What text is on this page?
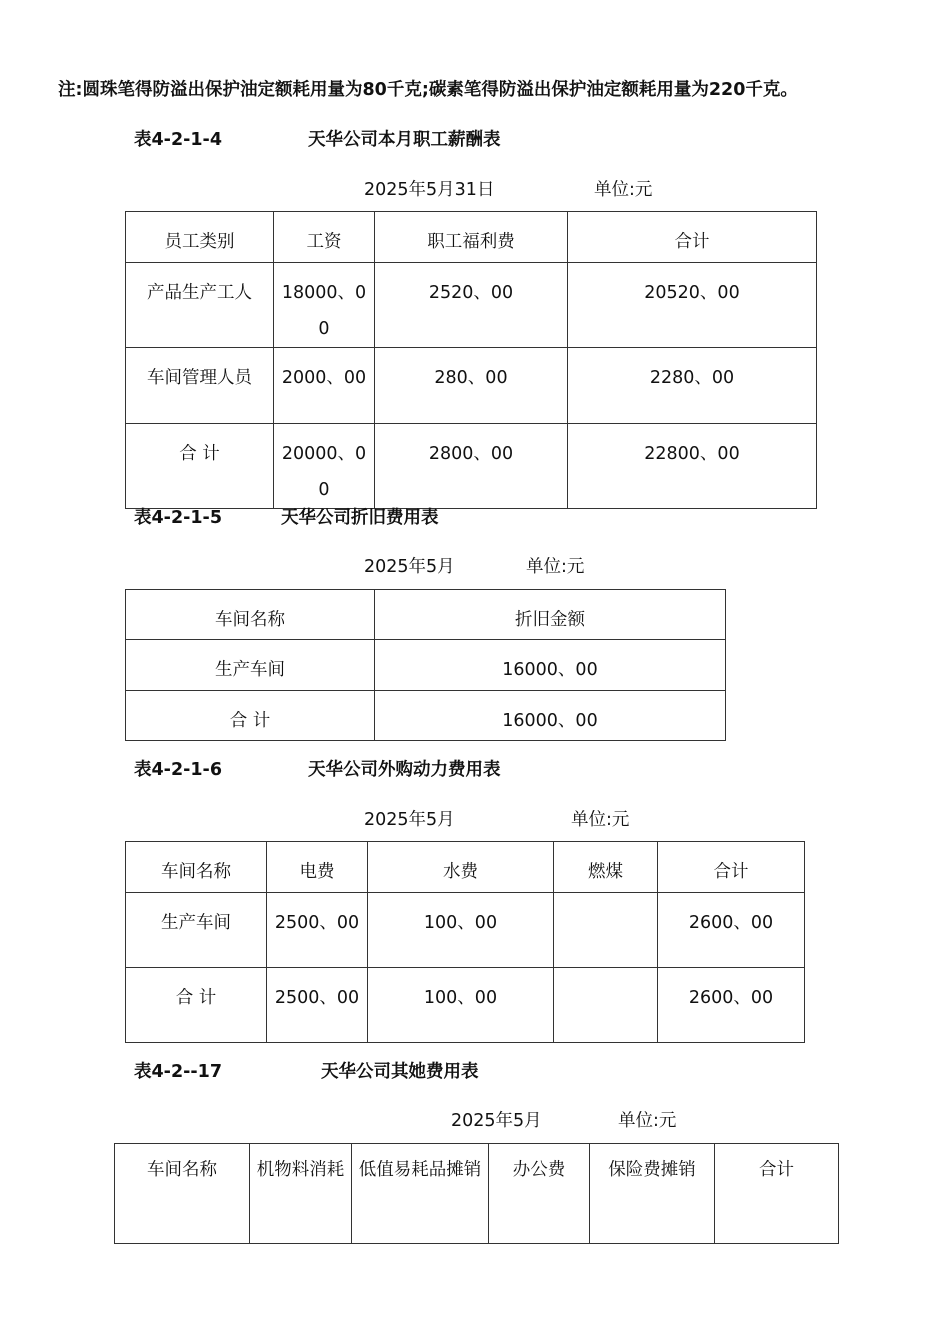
注:圆珠笔得防溢出保护油定额耗用量为80千克;碳素笔得防溢出保护油定额耗用量为220千克。
表4-2-1-4	天华公司本月职工薪酬表
2025年5月31日	单位:元
员工类别	工资	职工福利费	合计
产品生产工人	18000、00	2520、00	20520、00
车间管理人员	2000、00	280、00	2280、00
合 计	20000、00	2800、00	22800、00
表4-2-1-5	天华公司折旧费用表
2025年5月	单位:元
车间名称	折旧金额
生产车间	16000、00
合 计	16000、00
表4-2-1-6	天华公司外购动力费用表
2025年5月	单位:元
车间名称	电费	水费	燃煤	合计
生产车间	2500、00	100、00		2600、00
合 计	2500、00	100、00		2600、00
表4-2--17	天华公司其她费用表
2025年5月	单位:元
车间名称	机物料消耗	低值易耗品摊销	办公费	保险费摊销	合计
